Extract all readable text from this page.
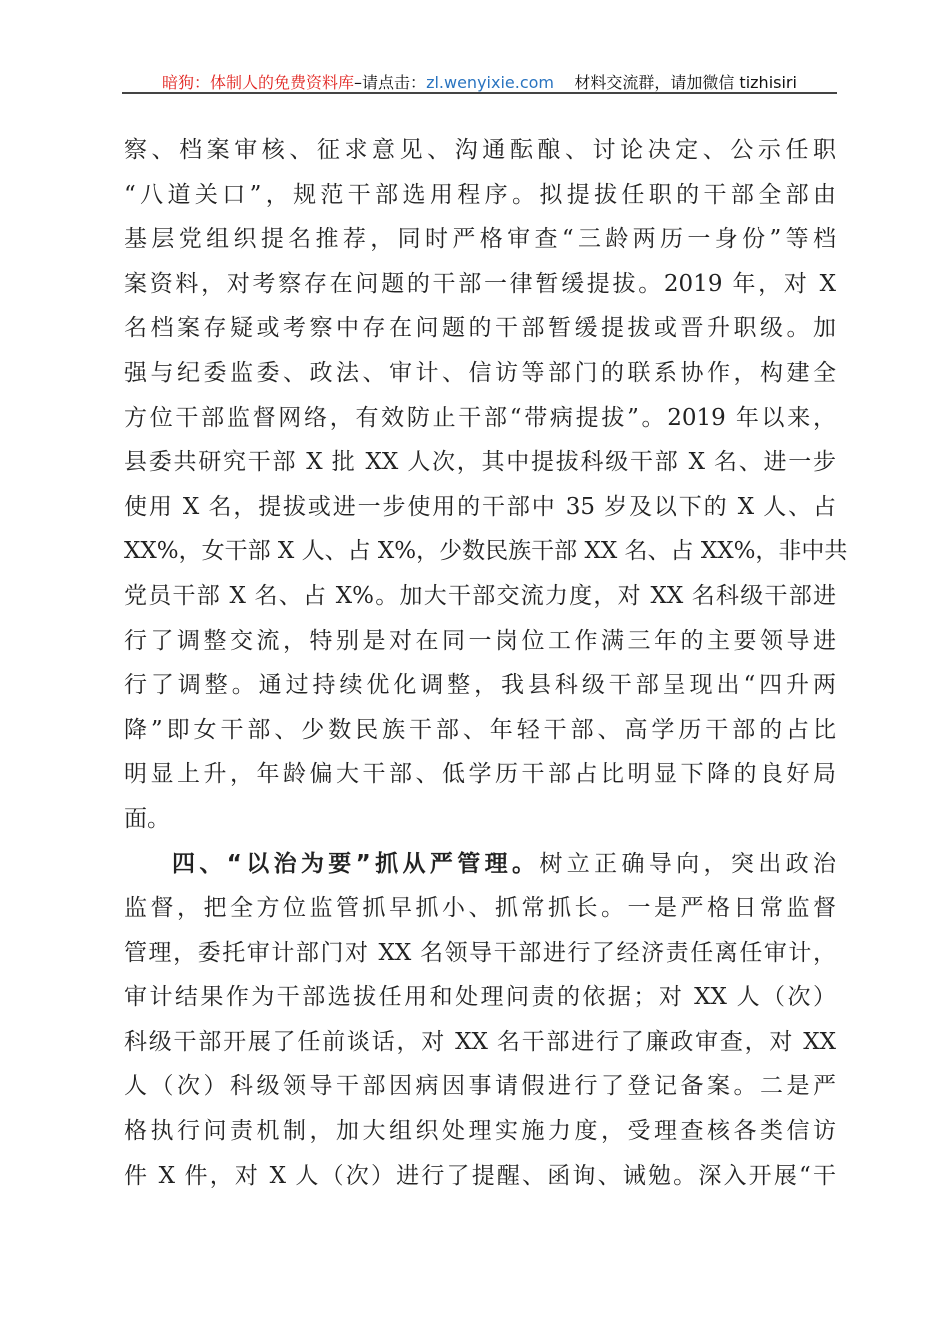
暗狗：体制人的免费资料库–请点击：zl.wenyixie.com 材料交流群，请加微信 tizhisiri
察、档案审核、征求意见、沟通酝酿、讨论决定、公示任职
“八道关口”，规范干部选用程序。拟提拔任职的干部全部由
基层党组织提名推荐，同时严格审查“三龄两历一身份”等档
案资料，对考察存在问题的干部一律暂缓提拔。2019 年，对 X
名档案存疑或考察中存在问题的干部暂缓提拔或晋升职级。加
强与纪委监委、政法、审计、信访等部门的联系协作，构建全
方位干部监督网络，有效防止干部“带病提拔”。2019 年以来，
县委共研究干部 X 批 XX 人次，其中提拔科级干部 X 名、进一步
使用 X 名，提拔或进一步使用的干部中 35 岁及以下的 X 人、占
XX%，女干部 X 人、占 X%，少数民族干部 XX 名、占 XX%，非中共
党员干部 X 名、占 X%。加大干部交流力度，对 XX 名科级干部进
行了调整交流，特别是对在同一岗位工作满三年的主要领导进
行了调整。通过持续优化调整，我县科级干部呈现出“四升两
降”即女干部、少数民族干部、年轻干部、高学历干部的占比
明显上升，年龄偏大干部、低学历干部占比明显下降的良好局
面。
四、“以治为要”抓从严管理。树立正确导向，突出政治
监督，把全方位监管抓早抓小、抓常抓长。一是严格日常监督
管理，委托审计部门对 XX 名领导干部进行了经济责任离任审计，
审计结果作为干部选拔任用和处理问责的依据；对 XX 人（次）
科级干部开展了任前谈话，对 XX 名干部进行了廉政审查，对 XX
人（次）科级领导干部因病因事请假进行了登记备案。二是严
格执行问责机制，加大组织处理实施力度，受理查核各类信访
件 X 件，对 X 人（次）进行了提醒、函询、诫勉。深入开展“干
